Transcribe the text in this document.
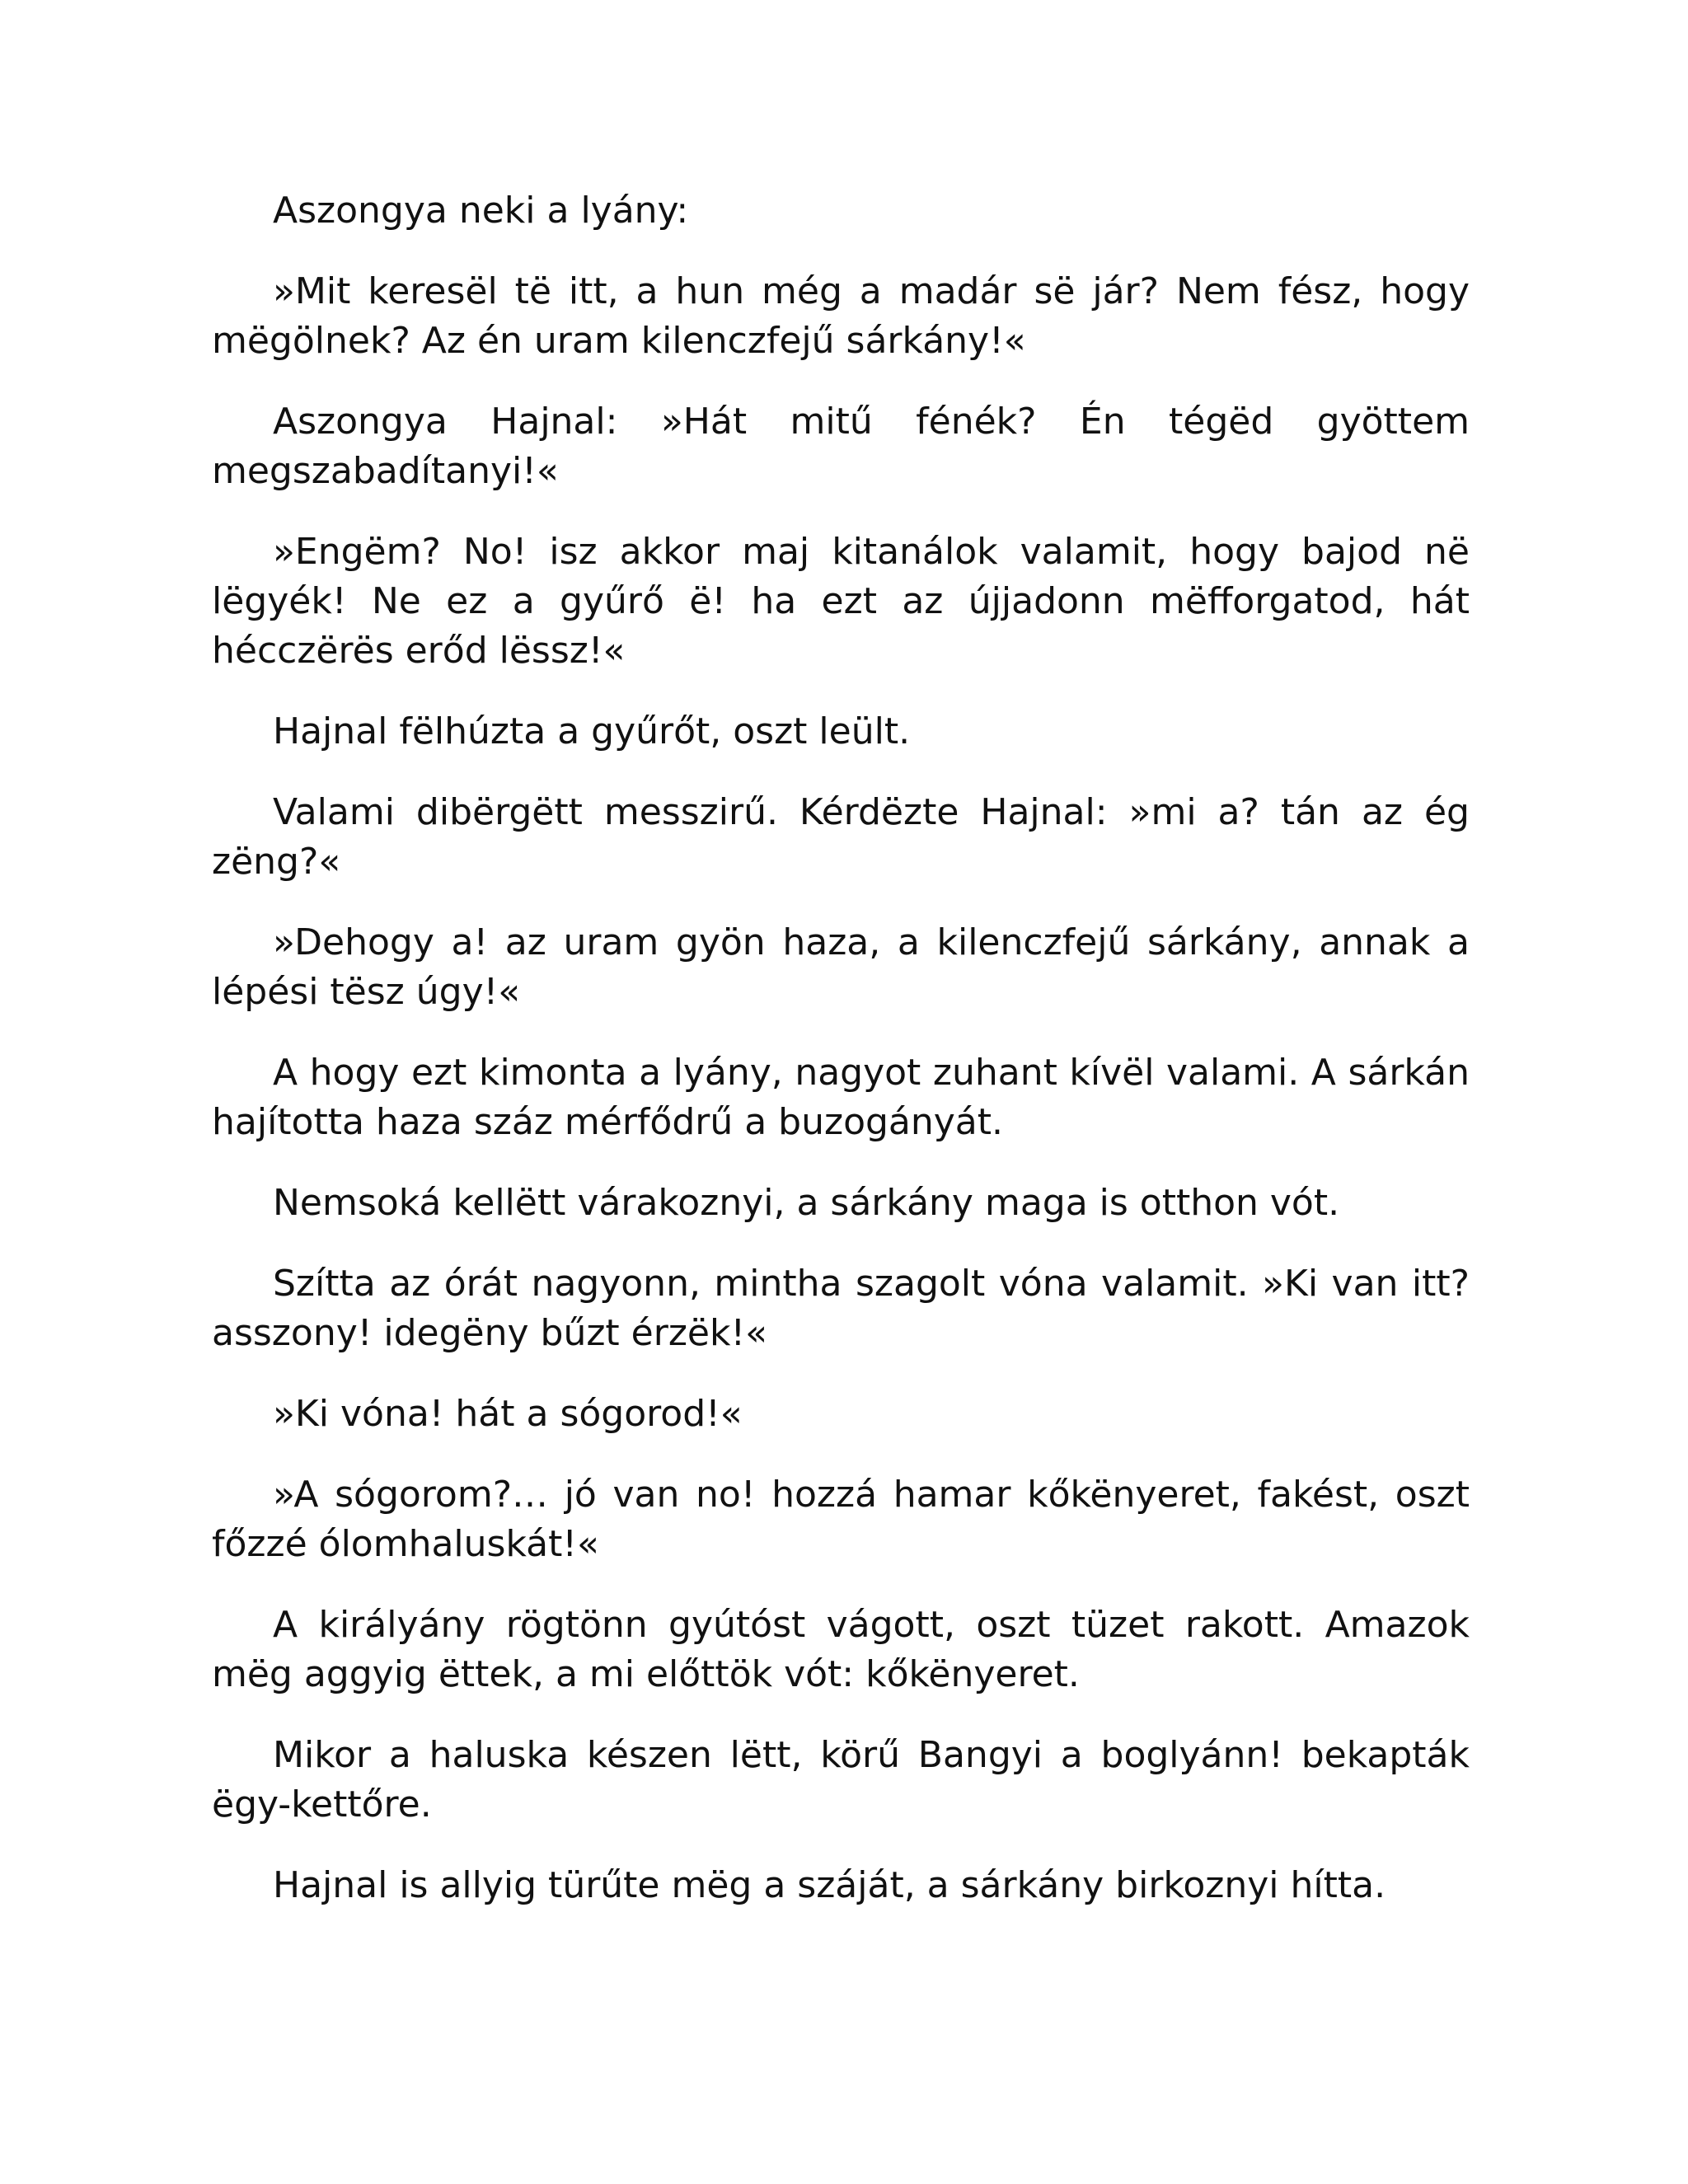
Aszongya neki a lyány:

»Mit keresël të itt, a hun még a madár së jár? Nem fész, hogy mëgölnek? Az én uram kilenczfejű sárkány!«

Aszongya Hajnal: »Hát mitű fénék? Én tégëd gyöttem megszabadítanyi!«

»Engëm? No! isz akkor maj kitanálok valamit, hogy bajod në lëgyék! Ne ez a gyűrő ë! ha ezt az újjadonn mëfforgatod, hát hécczërës erőd lëssz!«

Hajnal fëlhúzta a gyűrőt, oszt leült.

Valami dibërgëtt messzirű. Kérdëzte Hajnal: »mi a? tán az ég zëng?«

»Dehogy a! az uram gyön haza, a kilenczfejű sárkány, annak a lépési tësz úgy!«

A hogy ezt kimonta a lyány, nagyot zuhant kívël valami. A sárkán hajította haza száz mérfődrű a buzogányát.

Nemsoká kellëtt várakoznyi, a sárkány maga is otthon vót.

Szítta az órát nagyonn, mintha szagolt vóna valamit. »Ki van itt? asszony! idegëny bűzt érzëk!«

»Ki vóna! hát a sógorod!«

»A sógorom?… jó van no! hozzá hamar kőkënyeret, fakést, oszt főzzé ólomhaluskát!«

A királyány rögtönn gyútóst vágott, oszt tüzet rakott. Amazok mëg aggyig ëttek, a mi előttök vót: kőkënyeret.

Mikor a haluska készen lëtt, körű Bangyi a boglyánn! bekapták ëgy-kettőre.

Hajnal is allyig türűte mëg a száját, a sárkány birkoznyi hítta.
